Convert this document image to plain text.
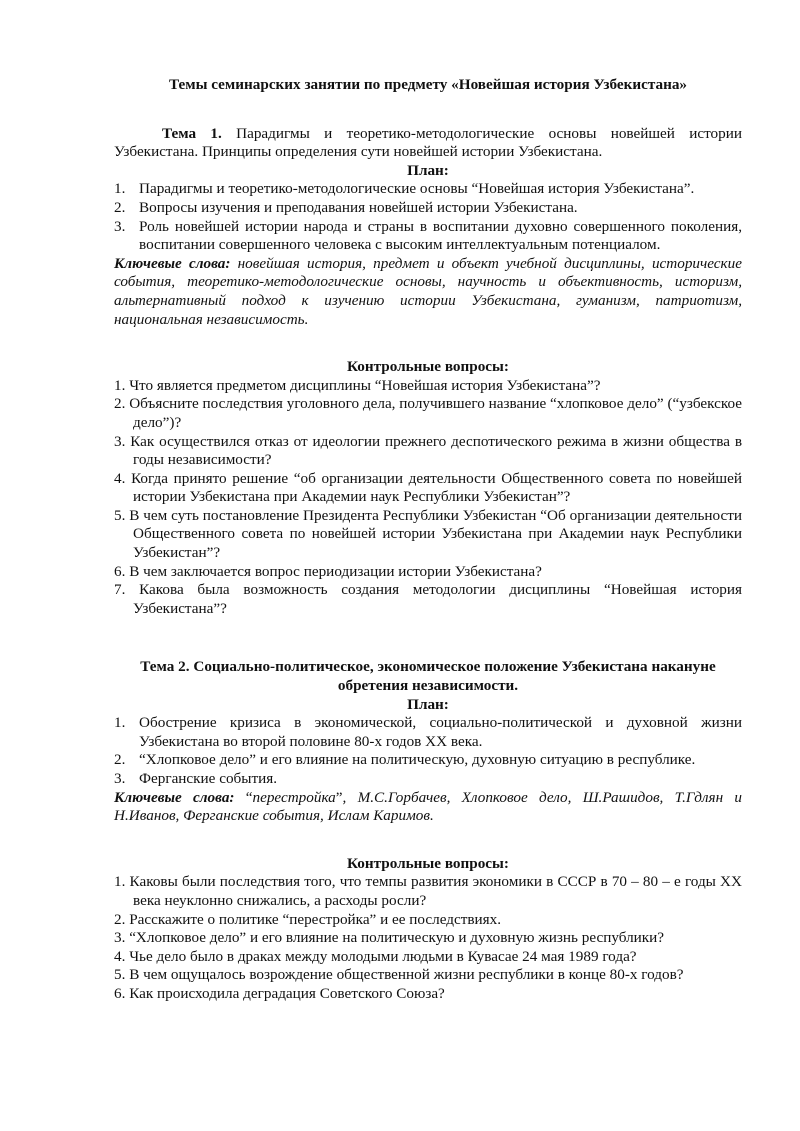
Темы семинарских занятии по предмету «Новейшая история Узбекистана»

Тема 1. Парадигмы и теоретико-методологические основы новейшей истории Узбекистана. Принципы определения сути новейшей истории Узбекистана.

План:

1. Парадигмы и теоретико-методологические основы “Новейшая история Узбекистана”.
2. Вопросы изучения и преподавания новейшей истории Узбекистана.
3. Роль новейшей истории народа и страны в воспитании духовно совершенного поколения, воспитании совершенного человека с высоким интеллектуальным потенциалом.

Ключевые слова: новейшая история, предмет и объект учебной дисциплины, исторические события, теоретико-методологические основы, научность и объективность, историзм, альтернативный подход к изучению истории Узбекистана, гуманизм, патриотизм, национальная независимость.

Контрольные вопросы:

1. Что является предметом дисциплины “Новейшая история Узбекистана”?
2. Объясните последствия уголовного дела, получившего название “хлопковое дело” (“узбекское дело”)?
3. Как осуществился отказ от идеологии прежнего деспотического режима в жизни общества в годы независимости?
4. Когда принято решение “об организации деятельности Общественного совета по новейшей истории Узбекистана при Академии наук Республики Узбекистан”?
5. В чем суть постановление Президента Республики Узбекистан “Об организации деятельности Общественного совета по новейшей истории Узбекистана при Академии наук Республики Узбекистан”?
6. В чем заключается вопрос периодизации истории Узбекистана?
7. Какова была возможность создания методологии дисциплины “Новейшая история Узбекистана”?

Тема 2. Социально-политическое, экономическое положение Узбекистана накануне обретения независимости.

План:

1. Обострение кризиса в экономической, социально-политической и духовной жизни Узбекистана во второй половине 80-х годов XX века.
2. “Хлопковое дело” и его влияние на политическую, духовную ситуацию в республике.
3. Ферганские события.

Ключевые слова: “перестройка”, М.С.Горбачев, Хлопковое дело, Ш.Рашидов, Т.Гдлян и Н.Иванов, Ферганские события, Ислам Каримов.

Контрольные вопросы:

1. Каковы были последствия того, что темпы развития экономики в СССР в 70 – 80 – е годы XX века неуклонно снижались, а расходы росли?
2. Расскажите о политике “перестройка” и ее последствиях.
3. “Хлопковое дело” и его влияние на политическую и духовную жизнь республики?
4. Чье дело было в драках между молодыми людьми в Кувасае 24 мая 1989 года?
5. В чем ощущалось возрождение общественной жизни республики в конце 80-х годов?
6. Как происходила деградация Советского Союза?
